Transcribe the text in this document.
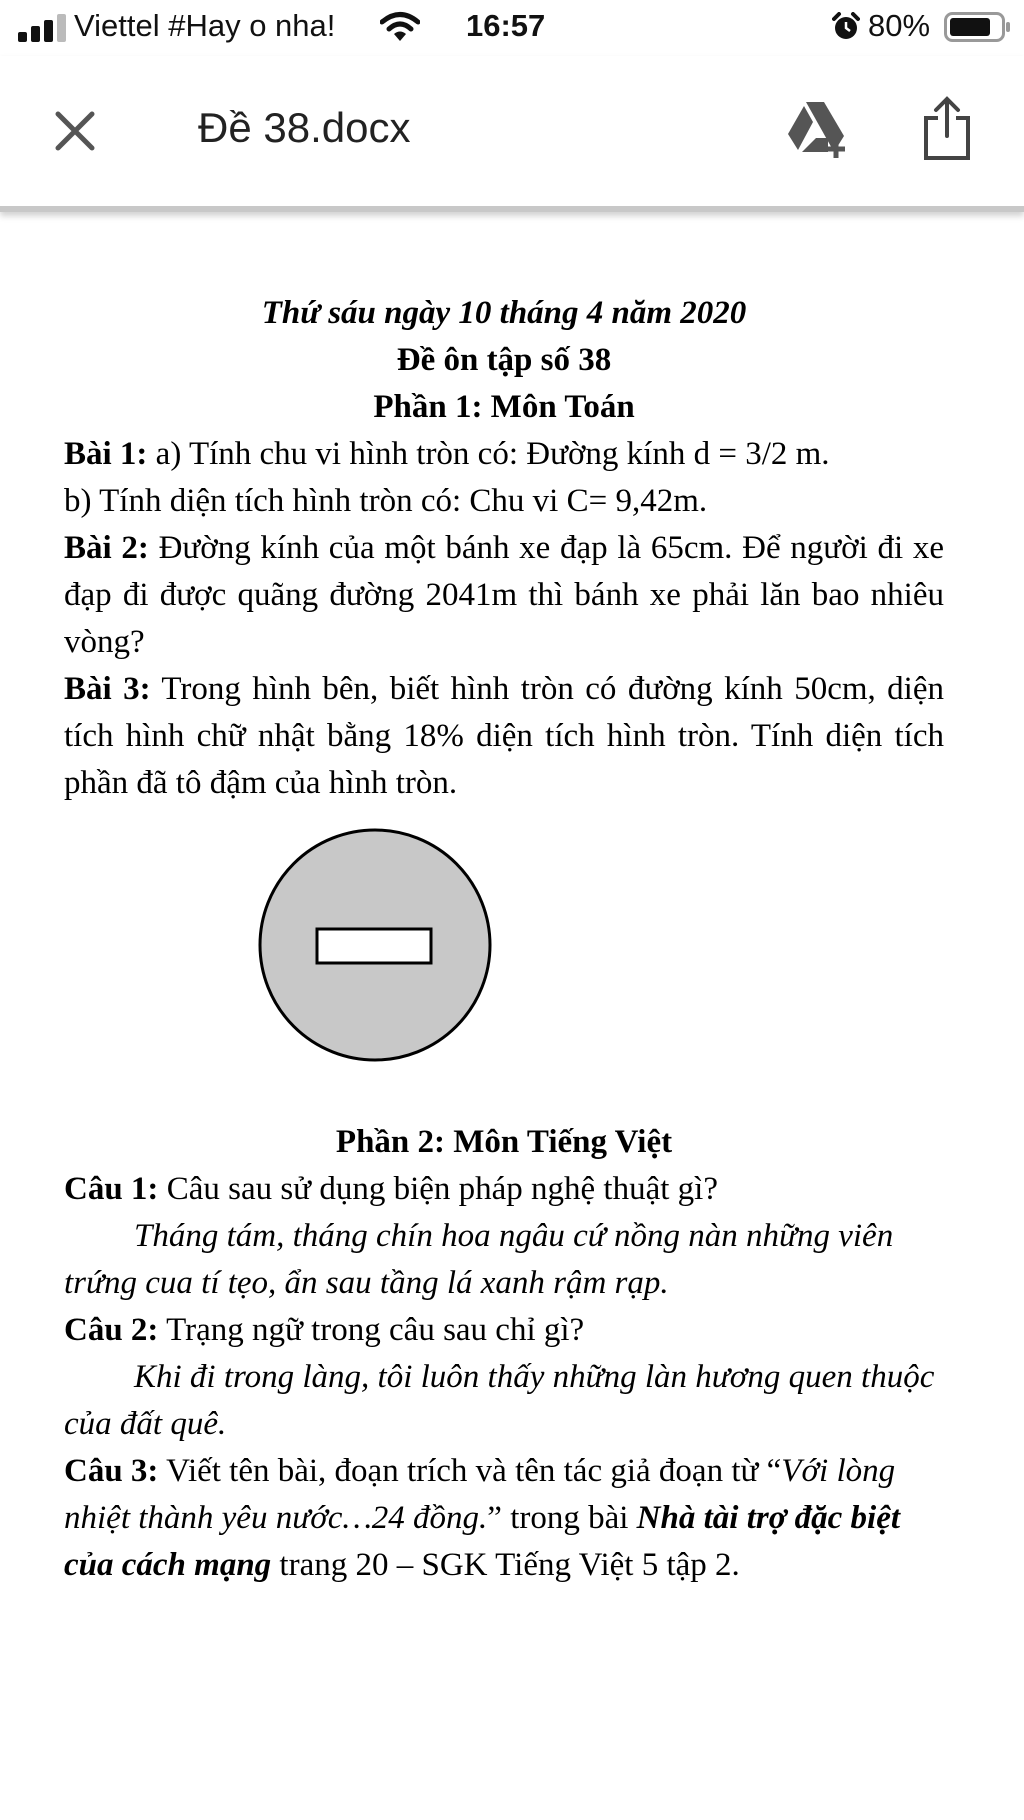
Viettel #Hay o nha!	16:57	80%
Đề 38.docx

Thứ sáu ngày 10 tháng 4 năm 2020

Đề ôn tập số 38

Phần 1: Môn Toán

Bài 1: a) Tính chu vi hình tròn có: Đường kính d = 3/2 m.

b) Tính diện tích hình tròn có: Chu vi C= 9,42m.

Bài 2: Đường kính của một bánh xe đạp là 65cm. Để người đi xe đạp đi được quãng đường 2041m thì bánh xe phải lăn bao nhiêu vòng?

Bài 3: Trong hình bên, biết hình tròn có đường kính 50cm, diện tích hình chữ nhật bằng 18% diện tích hình tròn. Tính diện tích phần đã tô đậm của hình tròn.

Phần 2: Môn Tiếng Việt

Câu 1: Câu sau sử dụng biện pháp nghệ thuật gì?

Tháng tám, tháng chín hoa ngâu cứ nồng nàn những viên trứng cua tí tẹo, ẩn sau tầng lá xanh rậm rạp.

Câu 2: Trạng ngữ trong câu sau chỉ gì?

Khi đi trong làng, tôi luôn thấy những làn hương quen thuộc của đất quê.

Câu 3: Viết tên bài, đoạn trích và tên tác giả đoạn từ “Với lòng nhiệt thành yêu nước…24 đồng.” trong bài Nhà tài trợ đặc biệt của cách mạng trang 20 – SGK Tiếng Việt 5 tập 2.
